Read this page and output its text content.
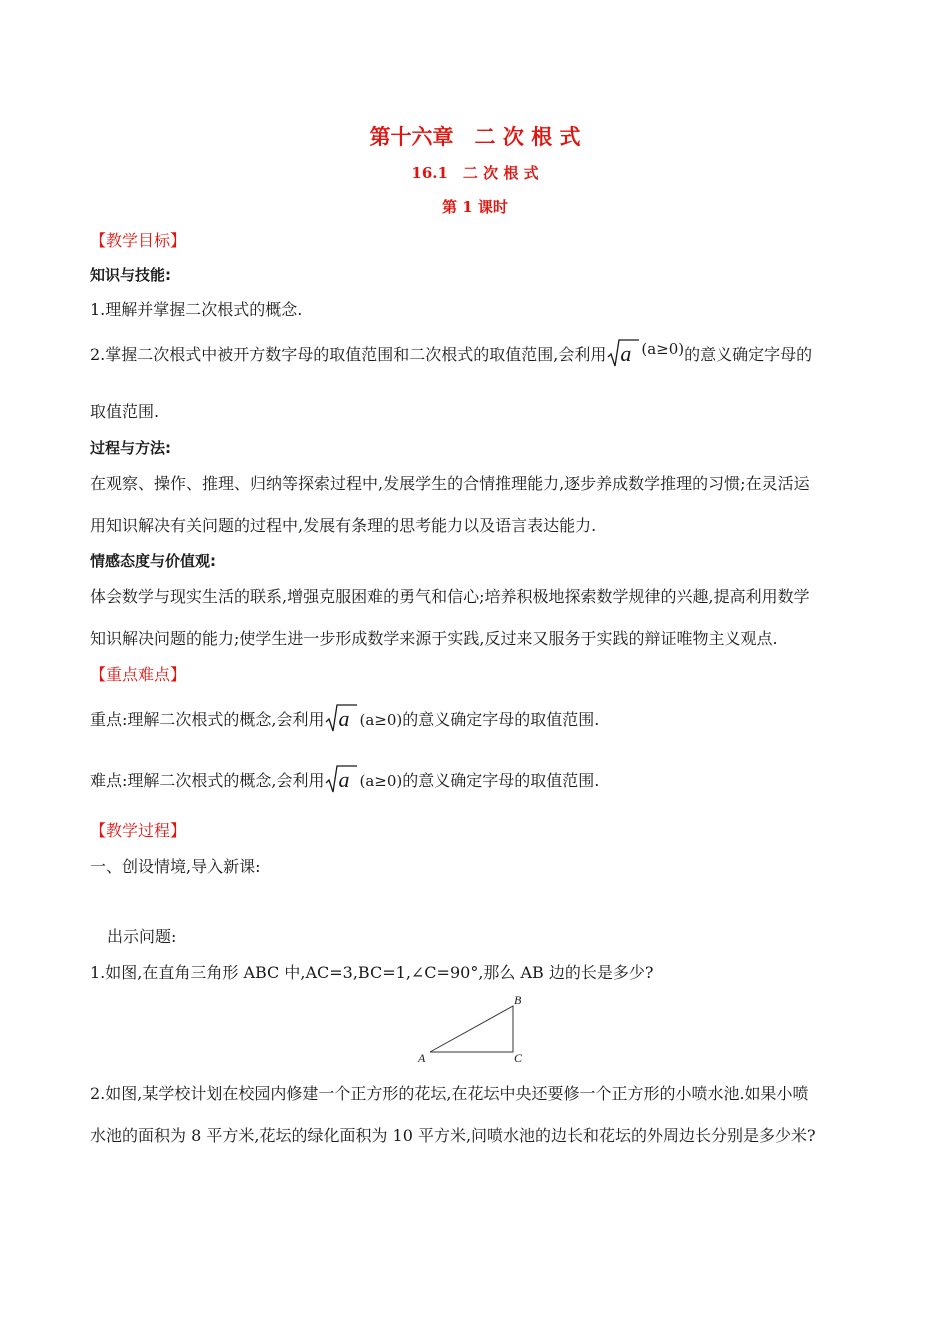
第十六章　二 次 根 式
16.1　二 次 根 式
第 1 课时
【教学目标】
知识与技能:
1.理解并掌握二次根式的概念.
2.掌握二次根式中被开方数字母的取值范围和二次根式的取值范围,会利用 a (a≥0)的意义确定字母的
取值范围.
过程与方法:
在观察、操作、推理、归纳等探索过程中,发展学生的合情推理能力,逐步养成数学推理的习惯;在灵活运
用知识解决有关问题的过程中,发展有条理的思考能力以及语言表达能力.
情感态度与价值观:
体会数学与现实生活的联系,增强克服困难的勇气和信心;培养积极地探索数学规律的兴趣,提高利用数学
知识解决问题的能力;使学生进一步形成数学来源于实践,反过来又服务于实践的辩证唯物主义观点.
【重点难点】
重点:理解二次根式的概念,会利用 a (a≥0)的意义确定字母的取值范围.
难点:理解二次根式的概念,会利用 a (a≥0)的意义确定字母的取值范围.
【教学过程】
一、创设情境,导入新课:
出示问题:
1.如图,在直角三角形 ABC 中,AC=3,BC=1,∠C=90°,那么 AB 边的长是多少?
A
B
C
2.如图,某学校计划在校园内修建一个正方形的花坛,在花坛中央还要修一个正方形的小喷水池.如果小喷
水池的面积为 8 平方米,花坛的绿化面积为 10 平方米,问喷水池的边长和花坛的外周边长分别是多少米?
